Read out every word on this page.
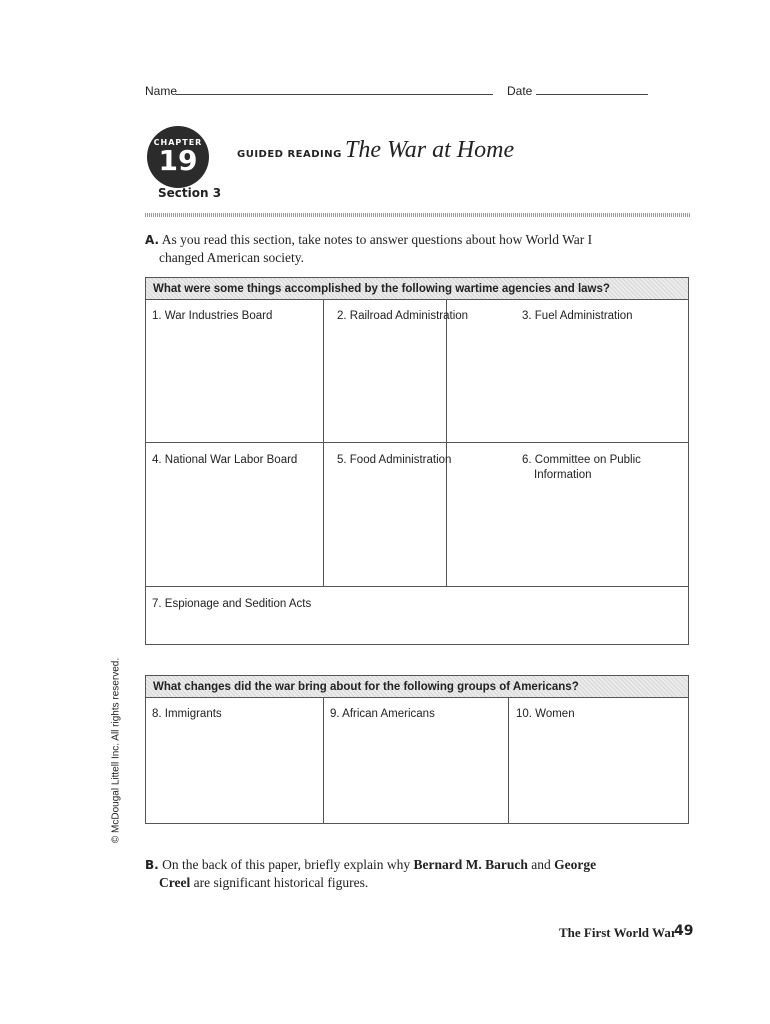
Name	Date
CHAPTER
19
Section 3
GUIDED READING The War at Home
A. As you read this section, take notes to answer questions about how World War I
changed American society.
What were some things accomplished by the following wartime agencies and laws?
1. War Industries Board	2. Railroad Administration	3. Fuel Administration
4. National War Labor Board	5. Food Administration	6. Committee on Public
Information
7. Espionage and Sedition Acts
What changes did the war bring about for the following groups of Americans?
8. Immigrants	9. African Americans	10. Women
B. On the back of this paper, briefly explain why Bernard M. Baruch and George
Creel are significant historical figures.
© McDougal Littell Inc. All rights reserved.
The First World War
49
